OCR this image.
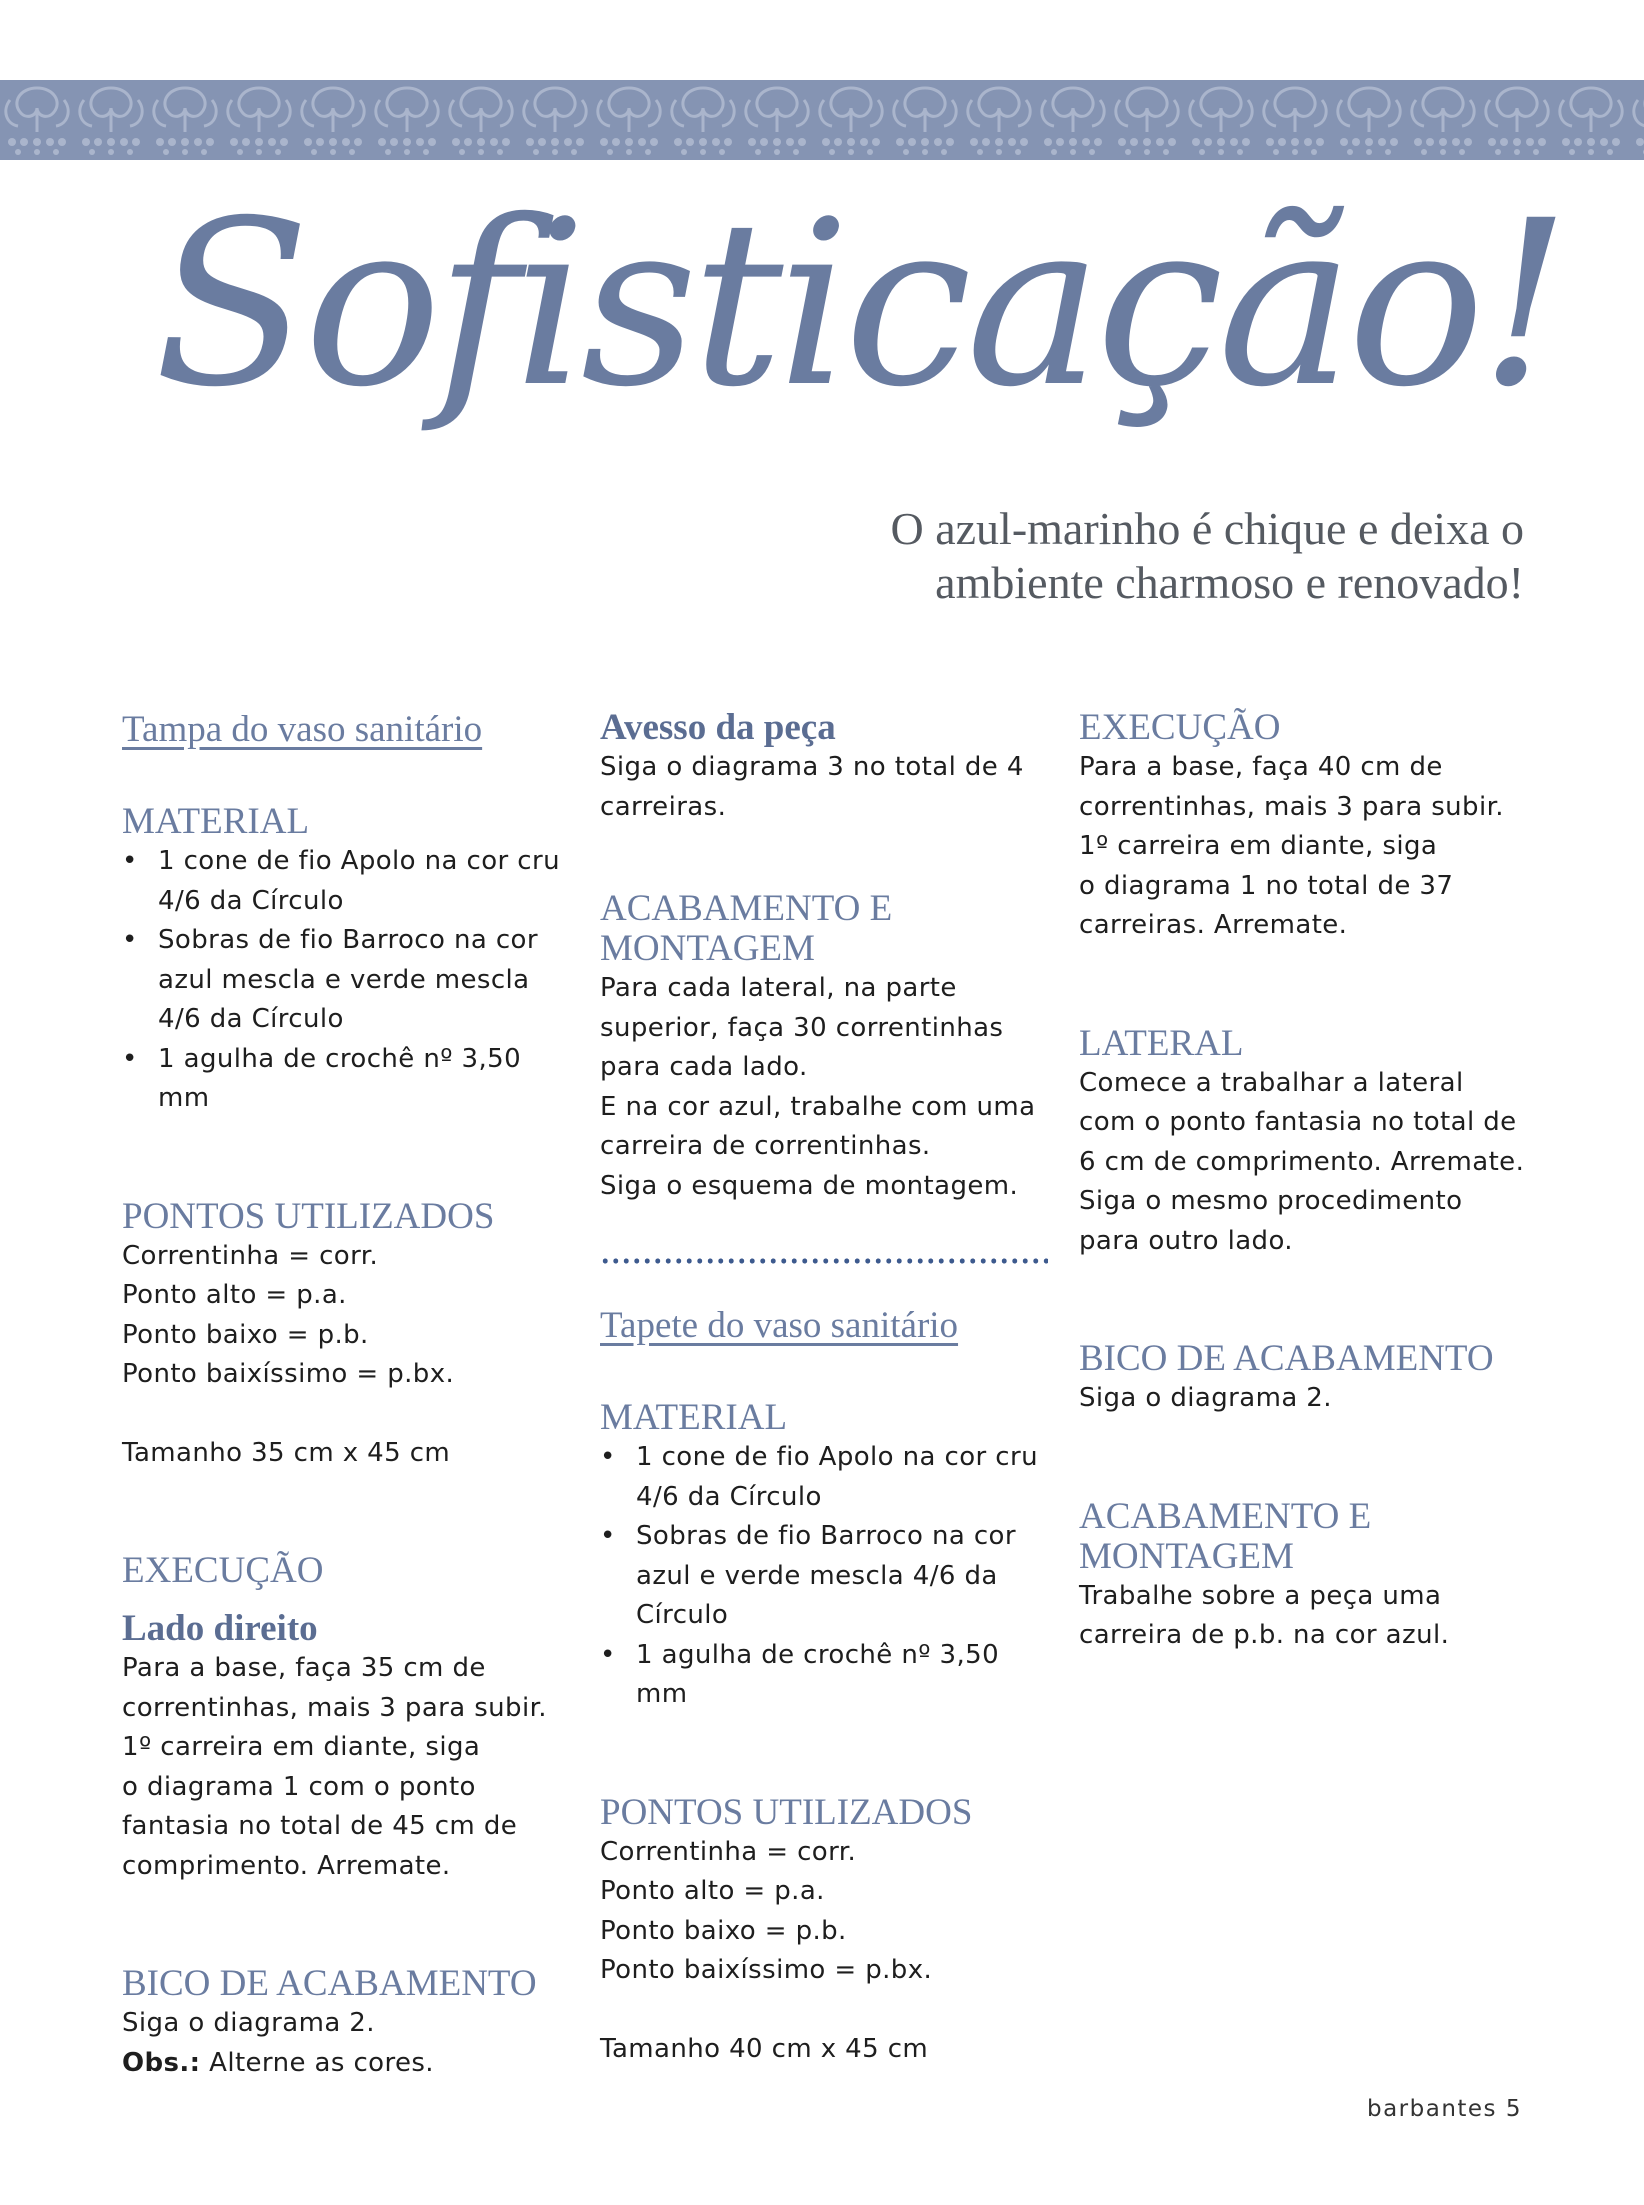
Sofisticação!
O azul-marinho é chique e deixa o
ambiente charmoso e renovado!

Tampa do vaso sanitário

MATERIAL

• 1 cone de fio Apolo na cor cru 4/6 da Círculo
• Sobras de fio Barroco na cor azul mescla e verde mescla 4/6 da Círculo
• 1 agulha de crochê nº 3,50 mm

PONTOS UTILIZADOS

Correntinha = corr.

Ponto alto = p.a.

Ponto baixo = p.b.

Ponto baixíssimo = p.bx.

Tamanho 35 cm x 45 cm

EXECUÇÃO

Lado direito

Para a base, faça 35 cm de

correntinhas, mais 3 para subir.

1º carreira em diante, siga

o diagrama 1 com o ponto

fantasia no total de 45 cm de

comprimento. Arremate.

BICO DE ACABAMENTO

Siga o diagrama 2.

Obs.: Alterne as cores.

Avesso da peça

Siga o diagrama 3 no total de 4

carreiras.

ACABAMENTO E

MONTAGEM

Para cada lateral, na parte

superior, faça 30 correntinhas

para cada lado.

E na cor azul, trabalhe com uma

carreira de correntinhas.

Siga o esquema de montagem.

Tapete do vaso sanitário

MATERIAL

• 1 cone de fio Apolo na cor cru 4/6 da Círculo
• Sobras de fio Barroco na cor azul e verde mescla 4/6 da Círculo
• 1 agulha de crochê nº 3,50 mm

PONTOS UTILIZADOS

Correntinha = corr.

Ponto alto = p.a.

Ponto baixo = p.b.

Ponto baixíssimo = p.bx.

Tamanho 40 cm x 45 cm

EXECUÇÃO

Para a base, faça 40 cm de

correntinhas, mais 3 para subir.

1º carreira em diante, siga

o diagrama 1 no total de 37

carreiras. Arremate.

LATERAL

Comece a trabalhar a lateral

com o ponto fantasia no total de

6 cm de comprimento. Arremate.

Siga o mesmo procedimento

para outro lado.

BICO DE ACABAMENTO

Siga o diagrama 2.

ACABAMENTO E

MONTAGEM

Trabalhe sobre a peça uma

carreira de p.b. na cor azul.

barbantes 5
